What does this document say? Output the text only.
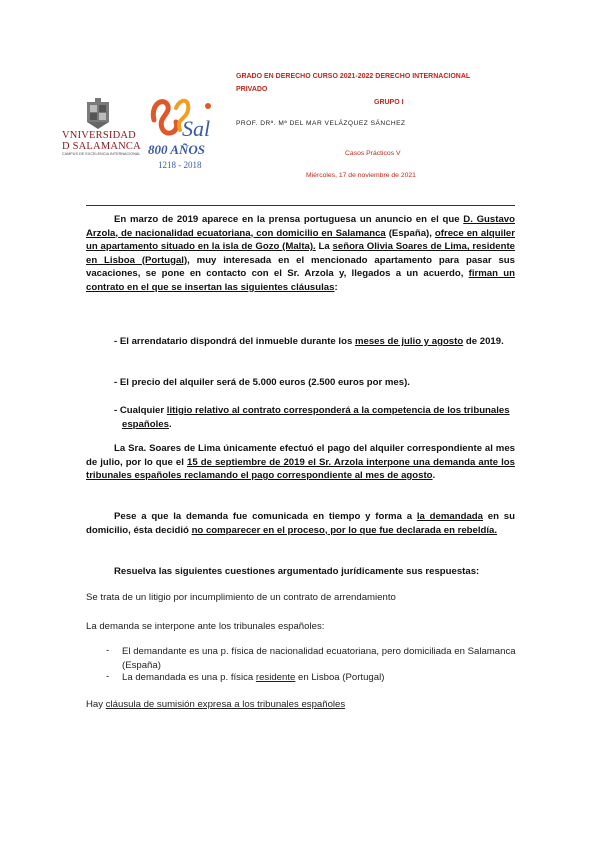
VNIVERSIDAD
D SALAMANCA
CAMPUS DE EXCELENCIA INTERNACIONAL
Sal
800 AÑOS
1218 - 2018
GRADO EN DERECHO CURSO 2021-2022 DERECHO INTERNACIONAL
PRIVADO
GRUPO I
PROF. DRª. Mª DEL MAR VELÁZQUEZ SÁNCHEZ
Casos Prácticos V
Miércoles, 17 de noviembre de 2021
En marzo de 2019 aparece en la prensa portuguesa un anuncio en el que D. Gustavo Arzola, de nacionalidad ecuatoriana, con domicilio en Salamanca (España), ofrece en alquiler un apartamento situado en la isla de Gozo (Malta). La señora Olivia Soares de Lima, residente en Lisboa (Portugal), muy interesada en el mencionado apartamento para pasar sus vacaciones, se pone en contacto con el Sr. Arzola y, llegados a un acuerdo, firman un contrato en el que se insertan las siguientes cláusulas:
- El arrendatario dispondrá del inmueble durante los meses de julio y agosto de 2019.
- El precio del alquiler será de 5.000 euros (2.500 euros por mes).
- Cualquier litigio relativo al contrato corresponderá a la competencia de los tribunales españoles.
La Sra. Soares de Lima únicamente efectuó el pago del alquiler correspondiente al mes de julio, por lo que el 15 de septiembre de 2019 el Sr. Arzola interpone una demanda ante los tribunales españoles reclamando el pago correspondiente al mes de agosto.
Pese a que la demanda fue comunicada en tiempo y forma a la demandada en su domicilio, ésta decidió no comparecer en el proceso, por lo que fue declarada en rebeldía.
Resuelva las siguientes cuestiones argumentado jurídicamente sus respuestas:
Se trata de un litigio por incumplimiento de un contrato de arrendamiento
La demanda se interpone ante los tribunales españoles:
- El demandante es una p. física de nacionalidad ecuatoriana, pero domiciliada en Salamanca (España)
- La demandada es una p. física residente en Lisboa (Portugal)
Hay cláusula de sumisión expresa a los tribunales españoles
